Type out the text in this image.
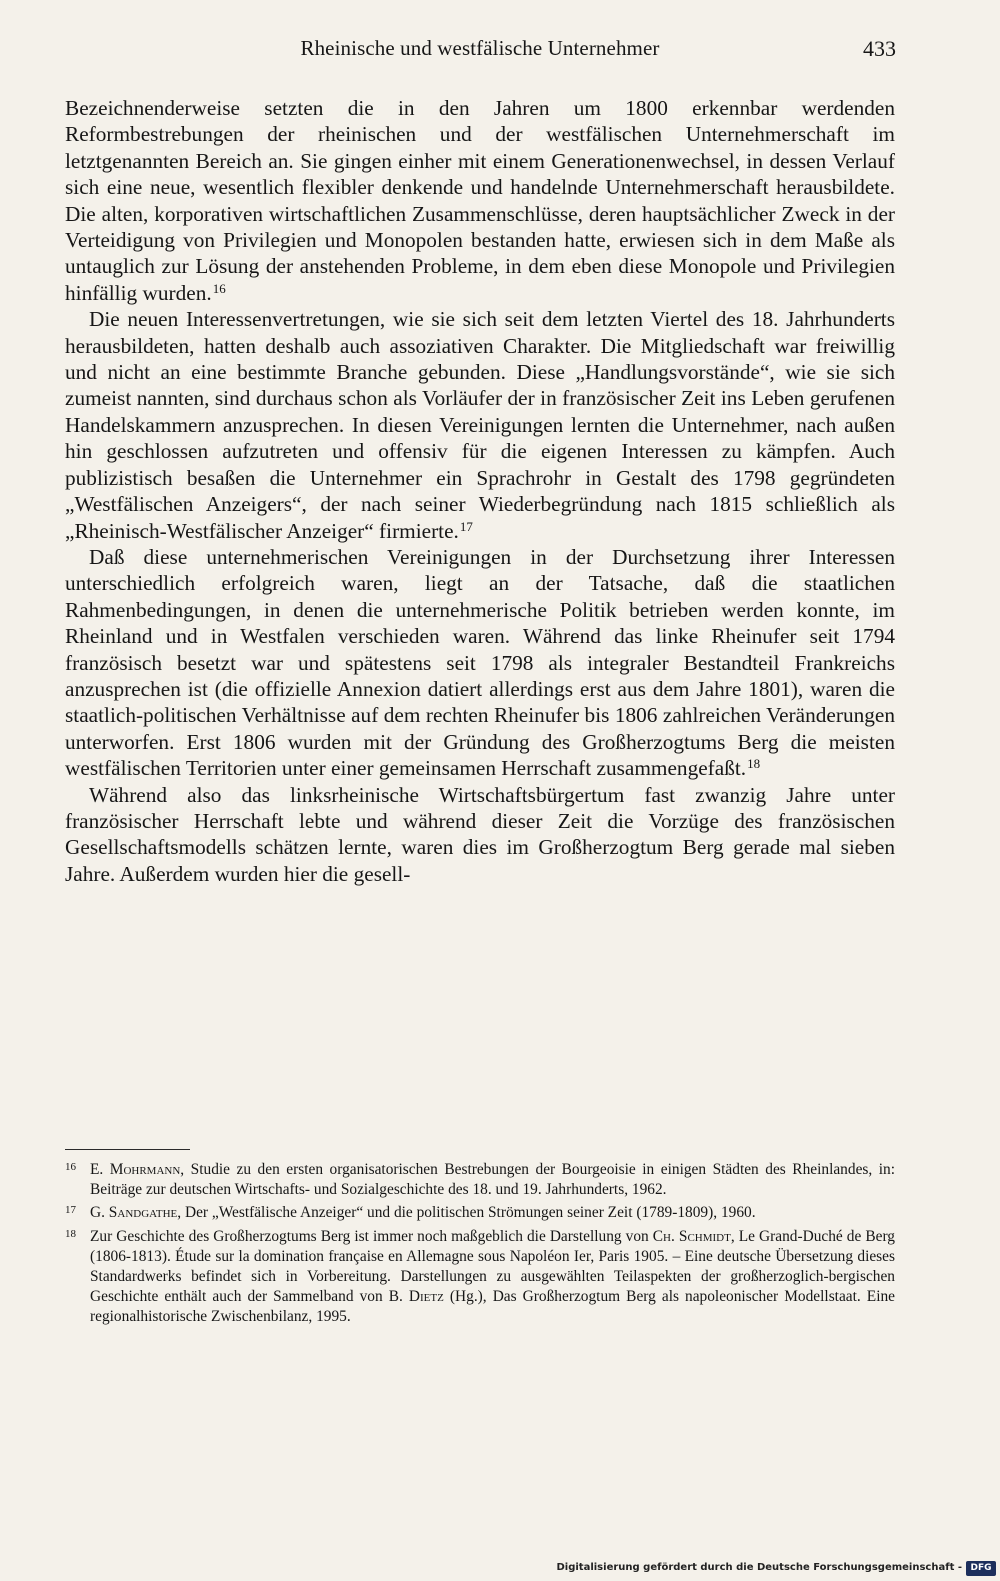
Rheinische und westfälische Unternehmer	433

Bezeichnenderweise setzten die in den Jahren um 1800 erkennbar werdenden Reformbestrebungen der rheinischen und der westfälischen Unternehmerschaft im letztgenannten Bereich an. Sie gingen einher mit einem Generationenwechsel, in dessen Verlauf sich eine neue, wesentlich flexibler denkende und handelnde Unternehmerschaft herausbildete. Die alten, korporativen wirtschaftlichen Zusammenschlüsse, deren hauptsächlicher Zweck in der Verteidigung von Privilegien und Monopolen bestanden hatte, erwiesen sich in dem Maße als untauglich zur Lösung der anstehenden Probleme, in dem eben diese Monopole und Privilegien hinfällig wurden.$^{16}$

Die neuen Interessenvertretungen, wie sie sich seit dem letzten Viertel des 18. Jahrhunderts herausbildeten, hatten deshalb auch assoziativen Charakter. Die Mitgliedschaft war freiwillig und nicht an eine bestimmte Branche gebunden. Diese „Handlungsvorstände“, wie sie sich zumeist nannten, sind durchaus schon als Vorläufer der in französischer Zeit ins Leben gerufenen Handelskammern anzusprechen. In diesen Vereinigungen lernten die Unternehmer, nach außen hin geschlossen aufzutreten und offensiv für die eigenen Interessen zu kämpfen. Auch publizistisch besaßen die Unternehmer ein Sprachrohr in Gestalt des 1798 gegründeten „Westfälischen Anzeigers“, der nach seiner Wiederbegründung nach 1815 schließlich als „Rheinisch-Westfälischer Anzeiger“ firmierte.$^{17}$

Daß diese unternehmerischen Vereinigungen in der Durchsetzung ihrer Interessen unterschiedlich erfolgreich waren, liegt an der Tatsache, daß die staatlichen Rahmenbedingungen, in denen die unternehmerische Politik betrieben werden konnte, im Rheinland und in Westfalen verschieden waren. Während das linke Rheinufer seit 1794 französisch besetzt war und spätestens seit 1798 als integraler Bestandteil Frankreichs anzusprechen ist (die offizielle Annexion datiert allerdings erst aus dem Jahre 1801), waren die staatlich-politischen Verhältnisse auf dem rechten Rheinufer bis 1806 zahlreichen Veränderungen unterworfen. Erst 1806 wurden mit der Gründung des Großherzogtums Berg die meisten westfälischen Territorien unter einer gemeinsamen Herrschaft zusammengefaßt.$^{18}$

Während also das linksrheinische Wirtschaftsbürgertum fast zwanzig Jahre unter französischer Herrschaft lebte und während dieser Zeit die Vorzüge des französischen Gesellschaftsmodells schätzen lernte, waren dies im Großherzogtum Berg gerade mal sieben Jahre. Außerdem wurden hier die gesell-

16 E. Mohrmann, Studie zu den ersten organisatorischen Bestrebungen der Bourgeoisie in einigen Städten des Rheinlandes, in: Beiträge zur deutschen Wirtschafts- und Sozialgeschichte des 18. und 19. Jahrhunderts, 1962.
17 G. Sandgathe, Der „Westfälische Anzeiger“ und die politischen Strömungen seiner Zeit (1789-1809), 1960.
18 Zur Geschichte des Großherzogtums Berg ist immer noch maßgeblich die Darstellung von Ch. Schmidt, Le Grand-Duché de Berg (1806-1813). Étude sur la domination française en Allemagne sous Napoléon Ier, Paris 1905. – Eine deutsche Übersetzung dieses Standardwerks befindet sich in Vorbereitung. Darstellungen zu ausgewählten Teilaspekten der großherzoglich-bergischen Geschichte enthält auch der Sammelband von B. Dietz (Hg.), Das Großherzogtum Berg als napoleonischer Modellstaat. Eine regionalhistorische Zwischenbilanz, 1995.
Digitalisierung gefördert durch die Deutsche Forschungsgemeinschaft - DFG
